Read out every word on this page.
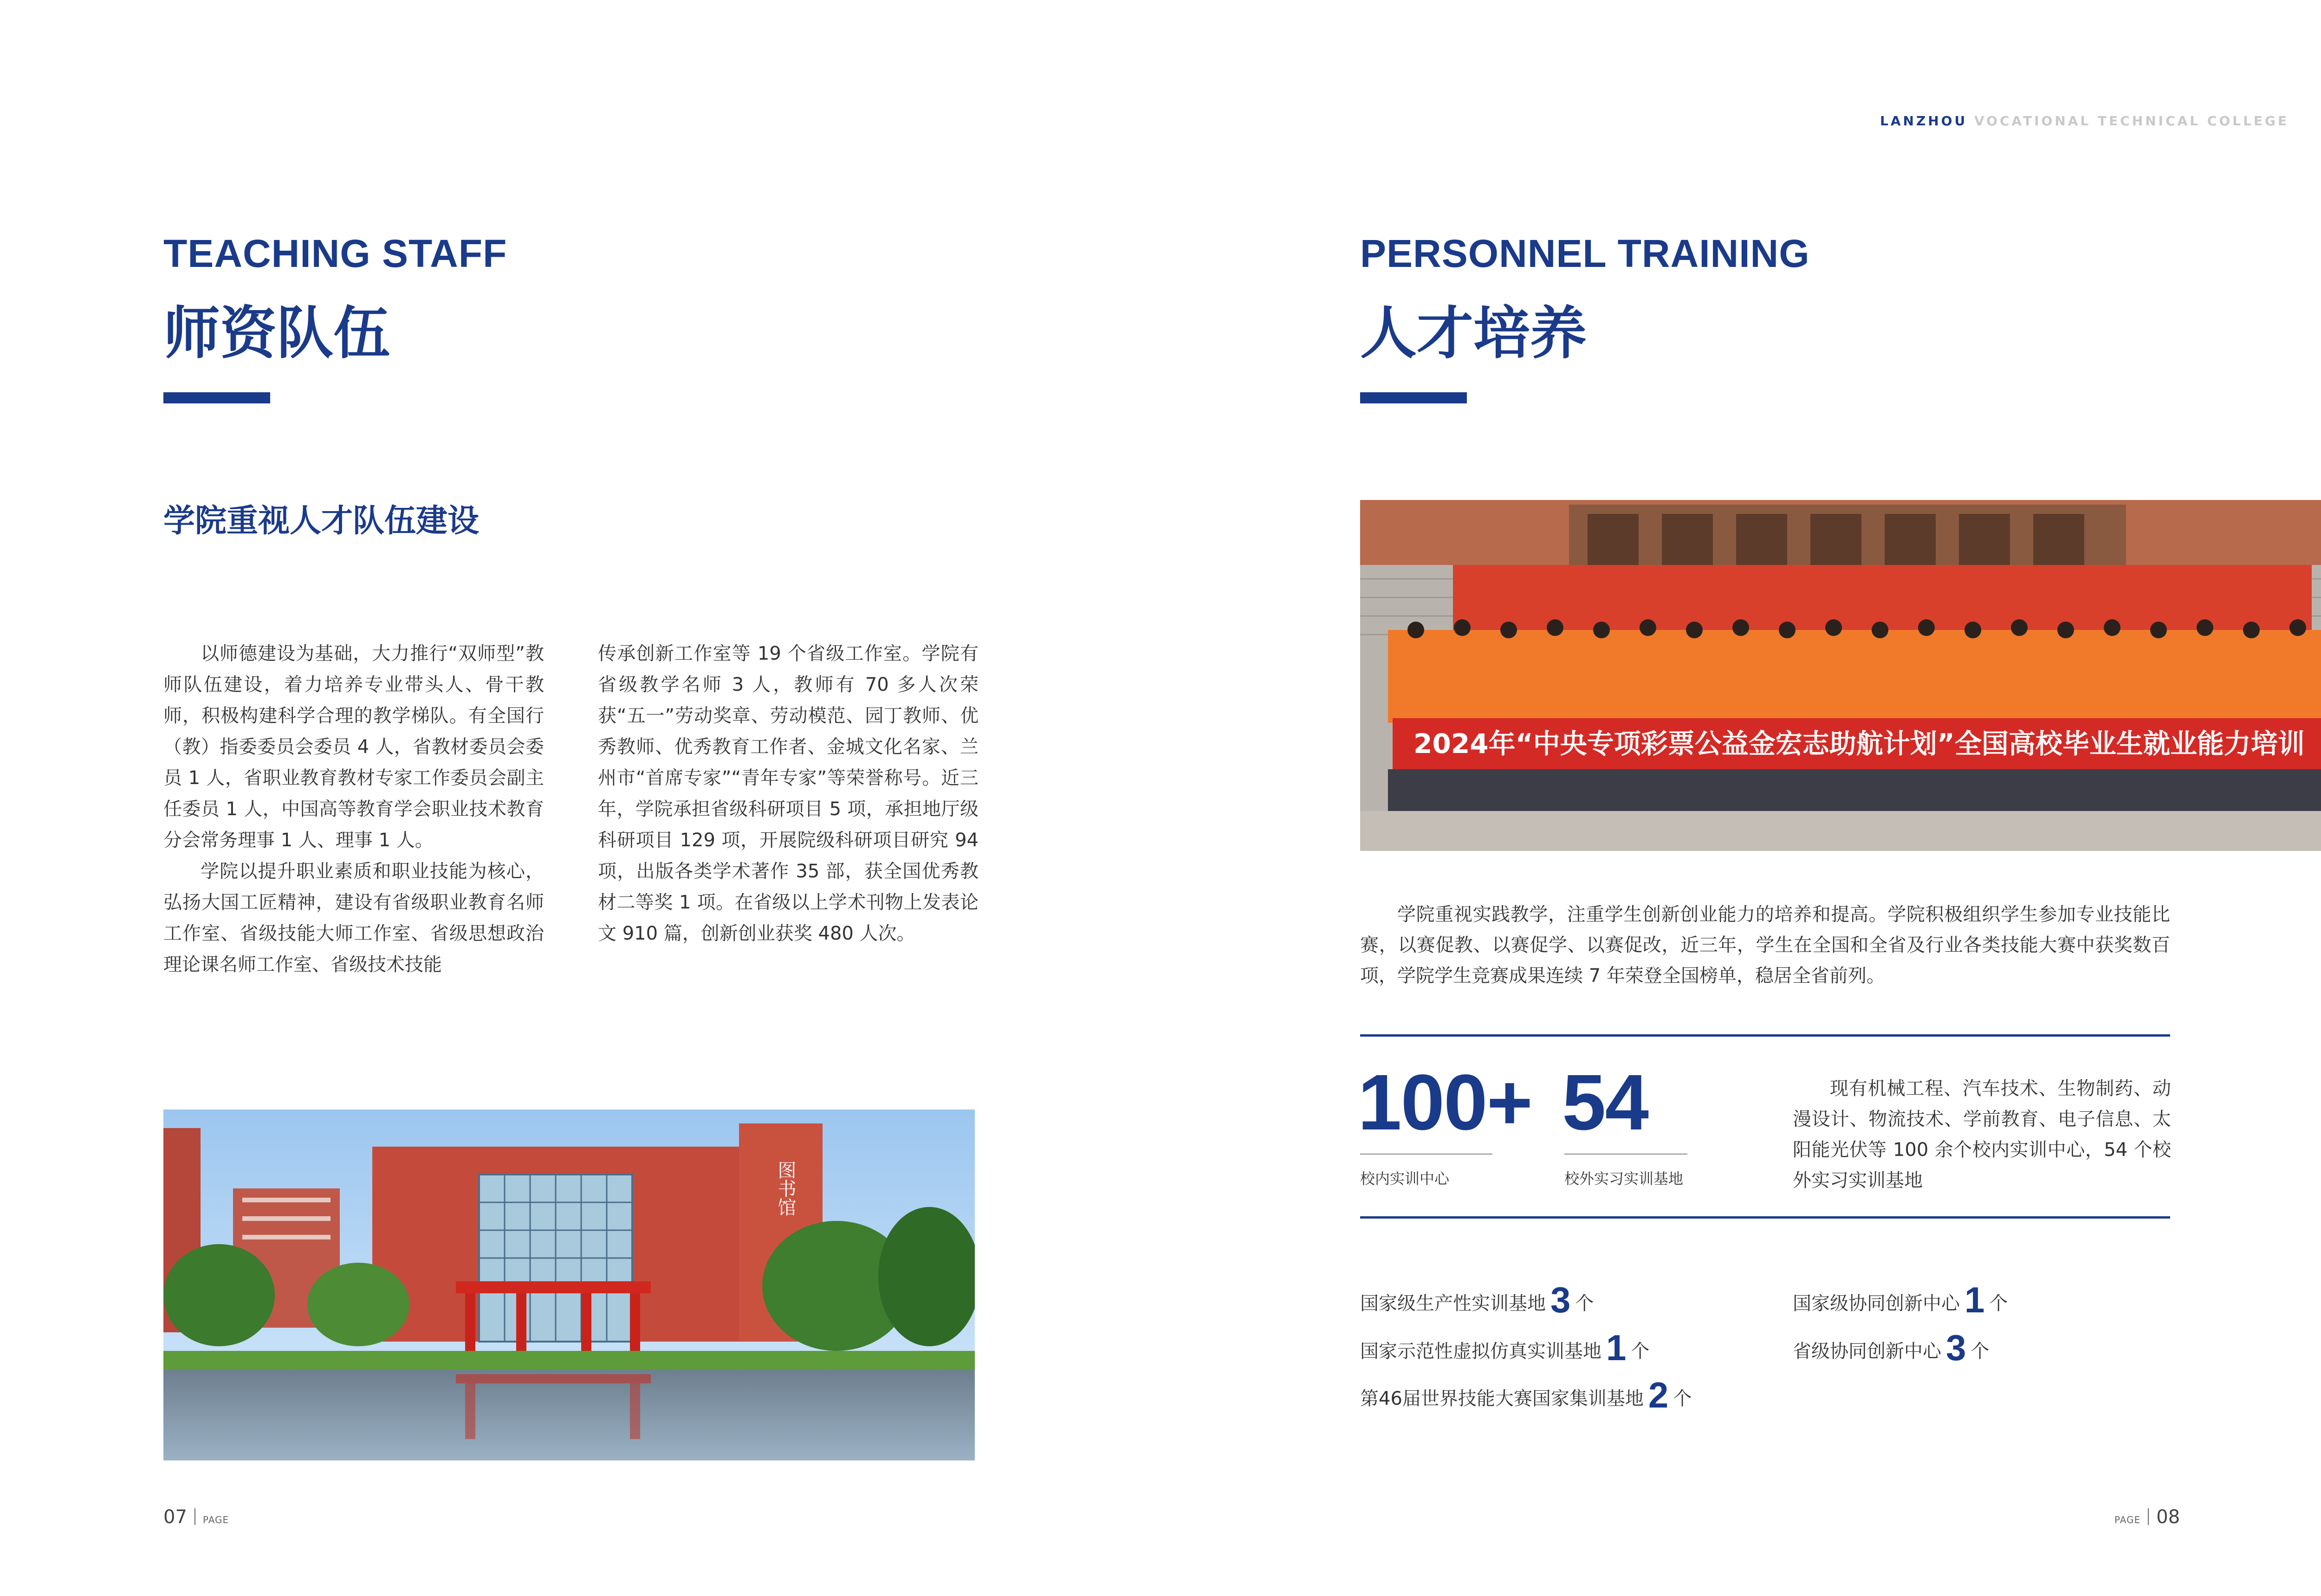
LANZHOU VOCATIONAL TECHNICAL COLLEGE
TEACHING STAFF
师资队伍
学院重视人才队伍建设

以师德建设为基础，大力推行“双师型”教师队伍建设，着力培养专业带头人、骨干教师，积极构建科学合理的教学梯队。有全国行（教）指委委员会委员 4 人，省教材委员会委员 1 人，省职业教育教材专家工作委员会副主任委员 1 人，中国高等教育学会职业技术教育分会常务理事 1 人、理事 1 人。

学院以提升职业素质和职业技能为核心，弘扬大国工匠精神，建设有省级职业教育名师工作室、省级技能大师工作室、省级思想政治理论课名师工作室、省级技术技能

传承创新工作室等 19 个省级工作室。学院有省级教学名师 3 人，教师有 70 多人次荣获“五一”劳动奖章、劳动模范、园丁教师、优秀教师、优秀教育工作者、金城文化名家、兰州市“首席专家”“青年专家”等荣誉称号。近三年，学院承担省级科研项目 5 项，承担地厅级科研项目 129 项，开展院级科研项目研究 94 项，出版各类学术著作 35 部，获全国优秀教材二等奖 1 项。在省级以上学术刊物上发表论文 910 篇，创新创业获奖 480 人次。

图书馆
07 PAGE
PERSONNEL TRAINING
人才培养
2024年“中央专项彩票公益金宏志助航计划”全国高校毕业生就业能力培训

学院重视实践教学，注重学生创新创业能力的培养和提高。学院积极组织学生参加专业技能比赛，以赛促教、以赛促学、以赛促改，近三年，学生在全国和全省及行业各类技能大赛中获奖数百项，学院学生竞赛成果连续 7 年荣登全国榜单，稳居全省前列。

100+
校内实训中心
54
校外实习实训基地

现有机械工程、汽车技术、生物制药、动漫设计、物流技术、学前教育、电子信息、太阳能光伏等 100 余个校内实训中心，54 个校外实习实训基地

国家级生产性实训基地 3 个
国家示范性虚拟仿真实训基地 1 个
第46届世界技能大赛国家集训基地 2 个
国家级协同创新中心 1 个
省级协同创新中心 3 个
PAGE 08
